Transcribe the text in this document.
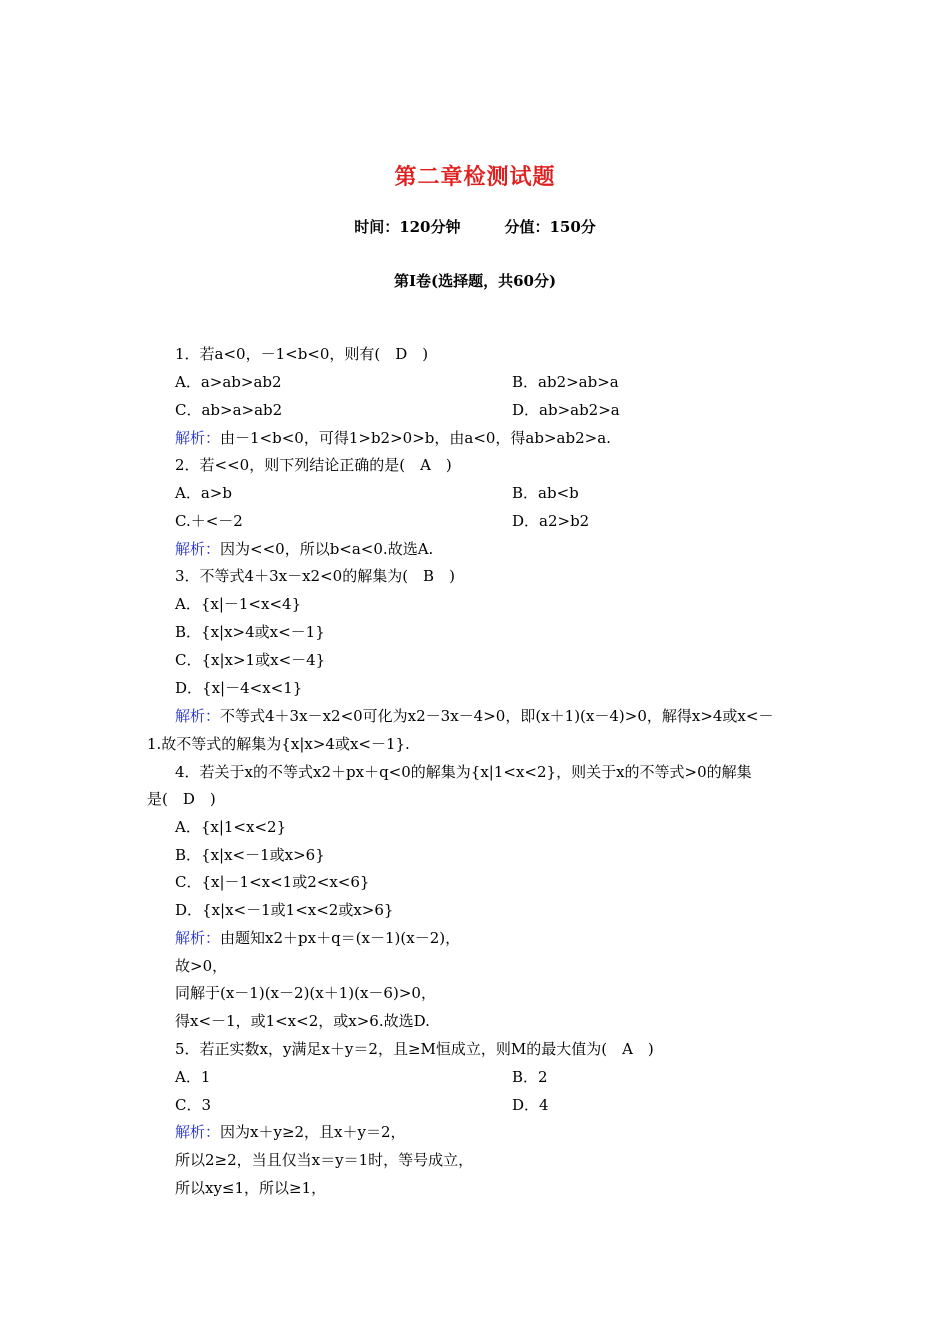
第二章检测试题
时间：120分钟	分值：150分
第Ⅰ卷(选择题，共60分)
1．若a<0，－1<b<0，则有(　D　)
A．a>ab>ab2	B．ab2>ab>a
C．ab>a>ab2	D．ab>ab2>a
解析：由－1<b<0，可得1>b2>0>b，由a<0，得ab>ab2>a.
2．若<<0，则下列结论正确的是(　A　)
A．a>b	B．ab<b
C.＋<－2	D．a2>b2
解析：因为<<0，所以b<a<0.故选A.
3．不等式4＋3x－x2<0的解集为(　B　)
A．{x|－1<x<4}
B．{x|x>4或x<－1}
C．{x|x>1或x<－4}
D．{x|－4<x<1}
解析：不等式4＋3x－x2<0可化为x2－3x－4>0，即(x＋1)(x－4)>0，解得x>4或x<－
1.故不等式的解集为{x|x>4或x<－1}.
4．若关于x的不等式x2＋px＋q<0的解集为{x|1<x<2}，则关于x的不等式>0的解集
是(　D　)
A．{x|1<x<2}
B．{x|x<－1或x>6}
C．{x|－1<x<1或2<x<6}
D．{x|x<－1或1<x<2或x>6}
解析：由题知x2＋px＋q＝(x－1)(x－2)，
故>0，
同解于(x－1)(x－2)(x＋1)(x－6)>0，
得x<－1，或1<x<2，或x>6.故选D.
5．若正实数x，y满足x＋y＝2，且≥M恒成立，则M的最大值为(　A　)
A．1	B．2
C．3	D．4
解析：因为x＋y≥2，且x＋y＝2，
所以2≥2，当且仅当x＝y＝1时，等号成立，
所以xy≤1，所以≥1，
